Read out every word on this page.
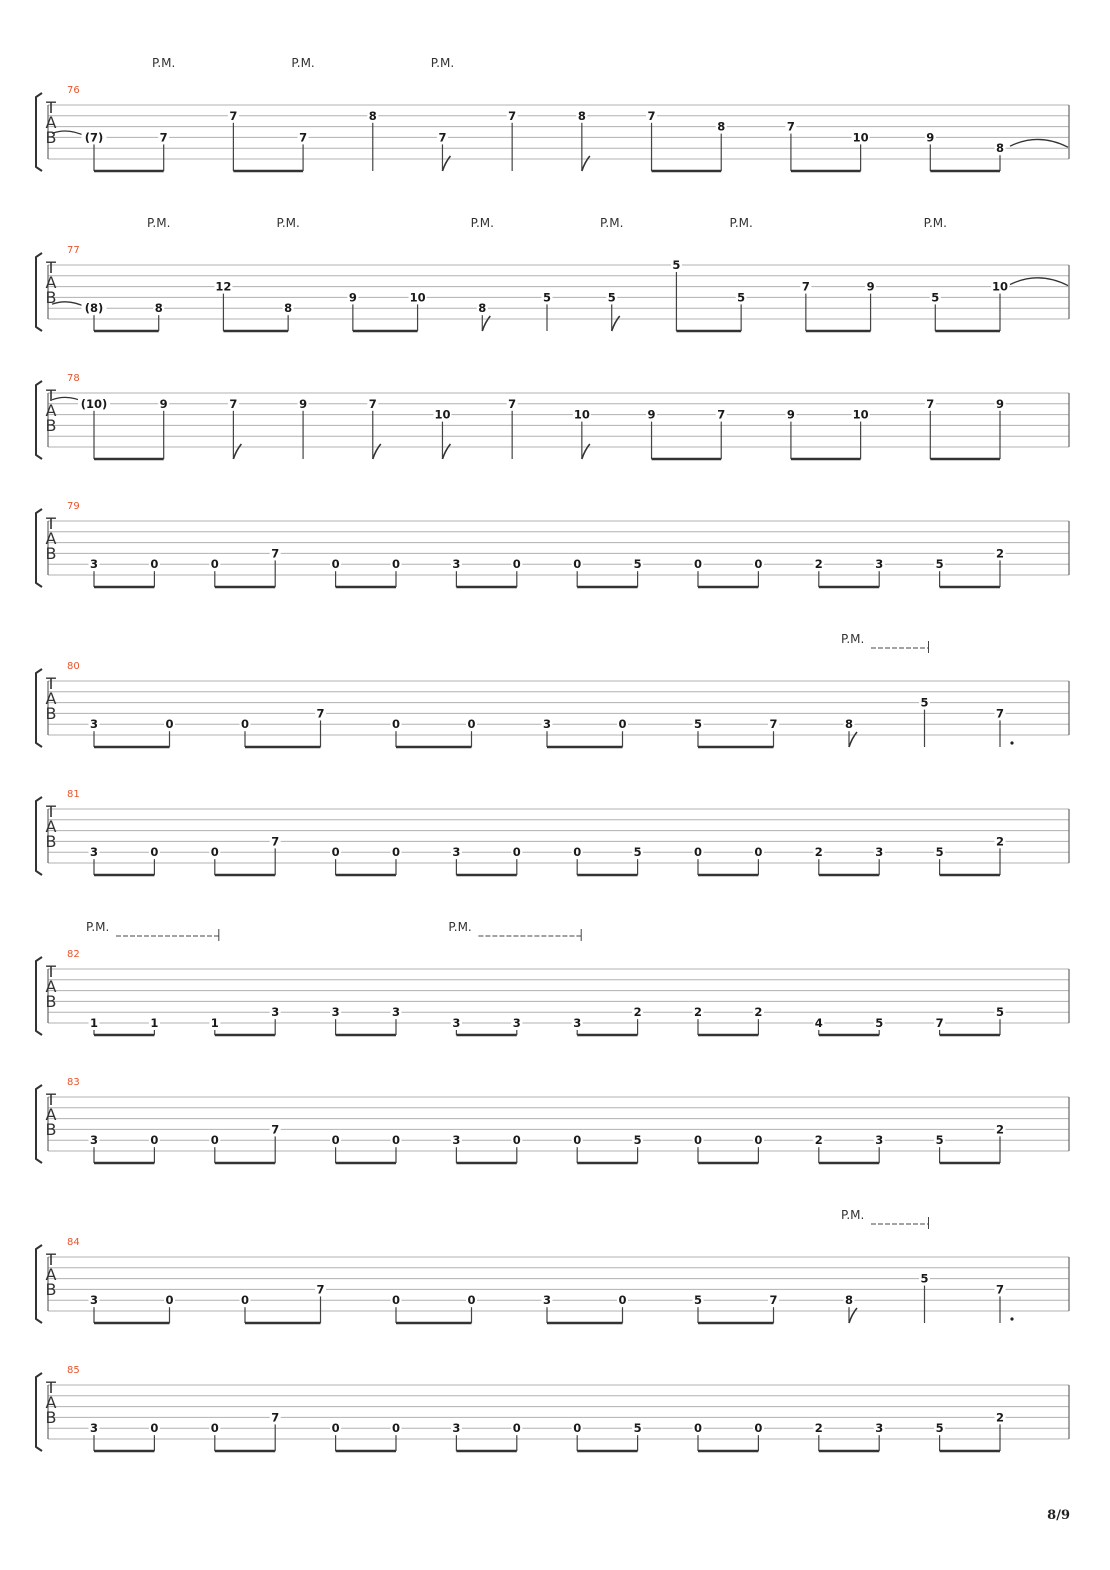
T
A
B
76
(7)	7
7
7
8
7
7	8	7
8	7
10	9
8
P.M.	P.M.	P.M.
T
A
B
77
(8)	8
12
8
9	10
8
5	5
5
5
7	9
5
10
P.M.	P.M.	P.M.	P.M.	P.M.	P.M.
T
A
B
78
(10)	9	7	9	7
10
7
10	9	7	9	10
7	9
T
A
B
79
3	0	0
7
0	0	3	0	0	5	0	0	2	3	5
2
T
A
B
80
3	0	0
7
0	0	3	0	5	7	8
5
7
P.M.
T
A
B
81
3	0	0
7
0	0	3	0	0	5	0	0	2	3	5
2
T
A
B
82
1	1	1
3	3	3
3	3	3
2	2	2
4	5	7
5
P.M.	P.M.
T
A
B
83
3	0	0
7
0	0	3	0	0	5	0	0	2	3	5
2
T
A
B
84
3	0	0
7
0	0	3	0	5	7	8
5
7
P.M.
T
A
B
85
3	0	0
7
0	0	3	0	0	5	0	0	2	3	5
2
8/9
